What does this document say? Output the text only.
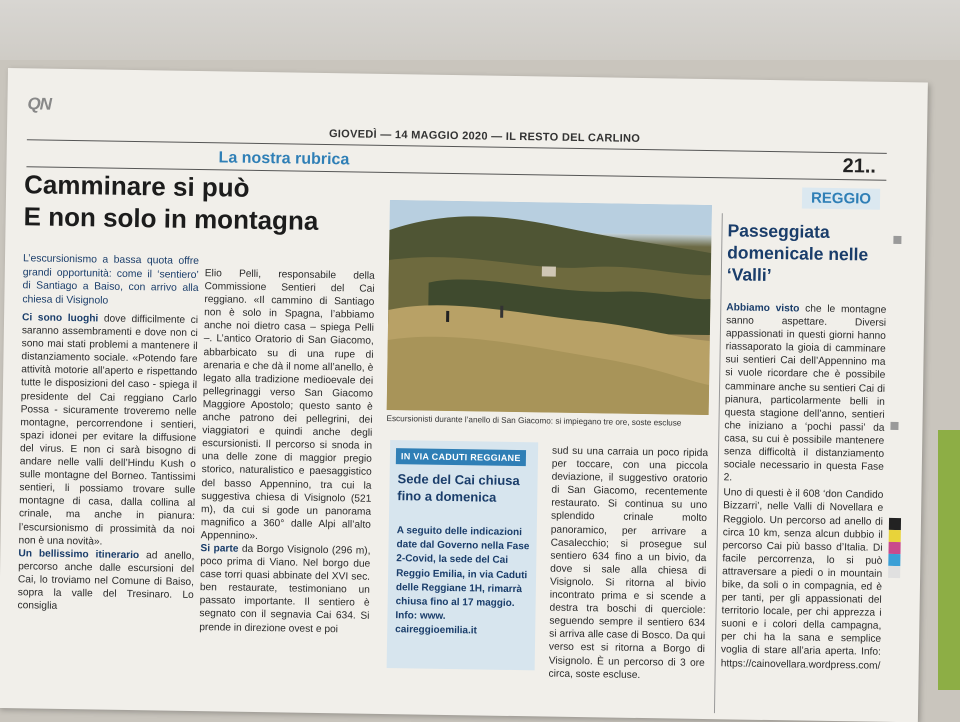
QN
GIOVEDÌ — 14 MAGGIO 2020 — IL RESTO DEL CARLINO
21..
La nostra rubrica
REGGIO
Camminare si può
E non solo in montagna
L’escursionismo a bassa quota offre grandi opportunità: come il ‘sentiero’ di Santiago a Baiso, con arrivo alla chiesa di Visignolo
Ci sono luoghi dove difficilmente ci saranno assembramenti e dove non ci sono mai stati problemi a mantenere il distanziamento sociale. «Potendo fare attività motorie all’aperto e rispettando tutte le disposizioni del caso - spiega il presidente del Cai reggiano Carlo Possa - sicuramente troveremo nelle montagne, percorrendone i sentieri, spazi idonei per evitare la diffusione del virus. E non ci sarà bisogno di andare nelle valli dell’Hindu Kush o sulle montagne del Borneo. Tantissimi sentieri, li possiamo trovare sulle montagne di casa, dalla collina al crinale, ma anche in pianura: l’escursionismo di prossimità da noi non è una novità».
Un bellissimo itinerario ad anello, percorso anche dalle escursioni del Cai, lo troviamo nel Comune di Baiso, sopra la valle del Tresinaro. Lo consiglia
Elio Pelli, responsabile della Commissione Sentieri del Cai reggiano. «Il cammino di Santiago non è solo in Spagna, l’abbiamo anche noi dietro casa – spiega Pelli –. L’antico Oratorio di San Giacomo, abbarbicato su di una rupe di arenaria e che dà il nome all’anello, è legato alla tradizione medioevale dei pellegrinaggi verso San Giacomo Maggiore Apostolo; questo santo è anche patrono dei pellegrini, dei viaggiatori e quindi anche degli escursionisti. Il percorso si snoda in una delle zone di maggior pregio storico, naturalistico e paesaggistico del basso Appennino, tra cui la suggestiva chiesa di Visignolo (521 m), da cui si gode un panorama magnifico a 360° dalle Alpi all’alto Appennino».
Si parte da Borgo Visignolo (296 m), poco prima di Viano. Nel borgo due case torri quasi abbinate del XVI sec. ben restaurate, testimoniano un passato importante. Il sentiero è segnato con il segnavia Cai 634. Si prende in direzione ovest e poi
Escursionisti durante l’anello di San Giacomo: si impiegano tre ore, soste escluse
IN VIA CADUTI REGGIANE
Sede del Cai chiusa fino a domenica
A seguito delle indicazioni date dal Governo nella Fase 2-Covid, la sede del Cai Reggio Emilia, in via Caduti delle Reggiane 1H, rimarrà chiusa fino al 17 maggio. Info: www. caireggioemilia.it
sud su una carraia un poco ripida per toccare, con una piccola deviazione, il suggestivo oratorio di San Giacomo, recentemente restaurato. Si continua su uno splendido crinale molto panoramico, per arrivare a Casalecchio; si prosegue sul sentiero 634 fino a un bivio, da dove si sale alla chiesa di Visignolo. Si ritorna al bivio incontrato prima e si scende a destra tra boschi di querciole: seguendo sempre il sentiero 634 si arriva alle case di Bosco. Da qui verso est si ritorna a Borgo di Visignolo. È un percorso di 3 ore circa, soste escluse.
Passeggiata domenicale nelle ‘Valli’
Abbiamo visto che le montagne sanno aspettare. Diversi appassionati in questi giorni hanno riassaporato la gioia di camminare sui sentieri Cai dell’Appennino ma si vuole ricordare che è possibile camminare anche su sentieri Cai di pianura, particolarmente belli in questa stagione dell’anno, sentieri che iniziano a ‘pochi passi’ da casa, su cui è possibile mantenere senza difficoltà il distanziamento sociale necessario in questa Fase 2.
Uno di questi è il 608 ‘don Candido Bizzarri’, nelle Valli di Novellara e Reggiolo. Un percorso ad anello di circa 10 km, senza alcun dubbio il percorso Cai più basso d’Italia. Di facile percorrenza, lo si può attraversare a piedi o in mountain bike, da soli o in compagnia, ed è per tanti, per gli appassionati del territorio locale, per chi apprezza i suoni e i colori della campagna, per chi ha la sana e semplice voglia di stare all’aria aperta. Info: https://cainovellara.wordpress.com/
